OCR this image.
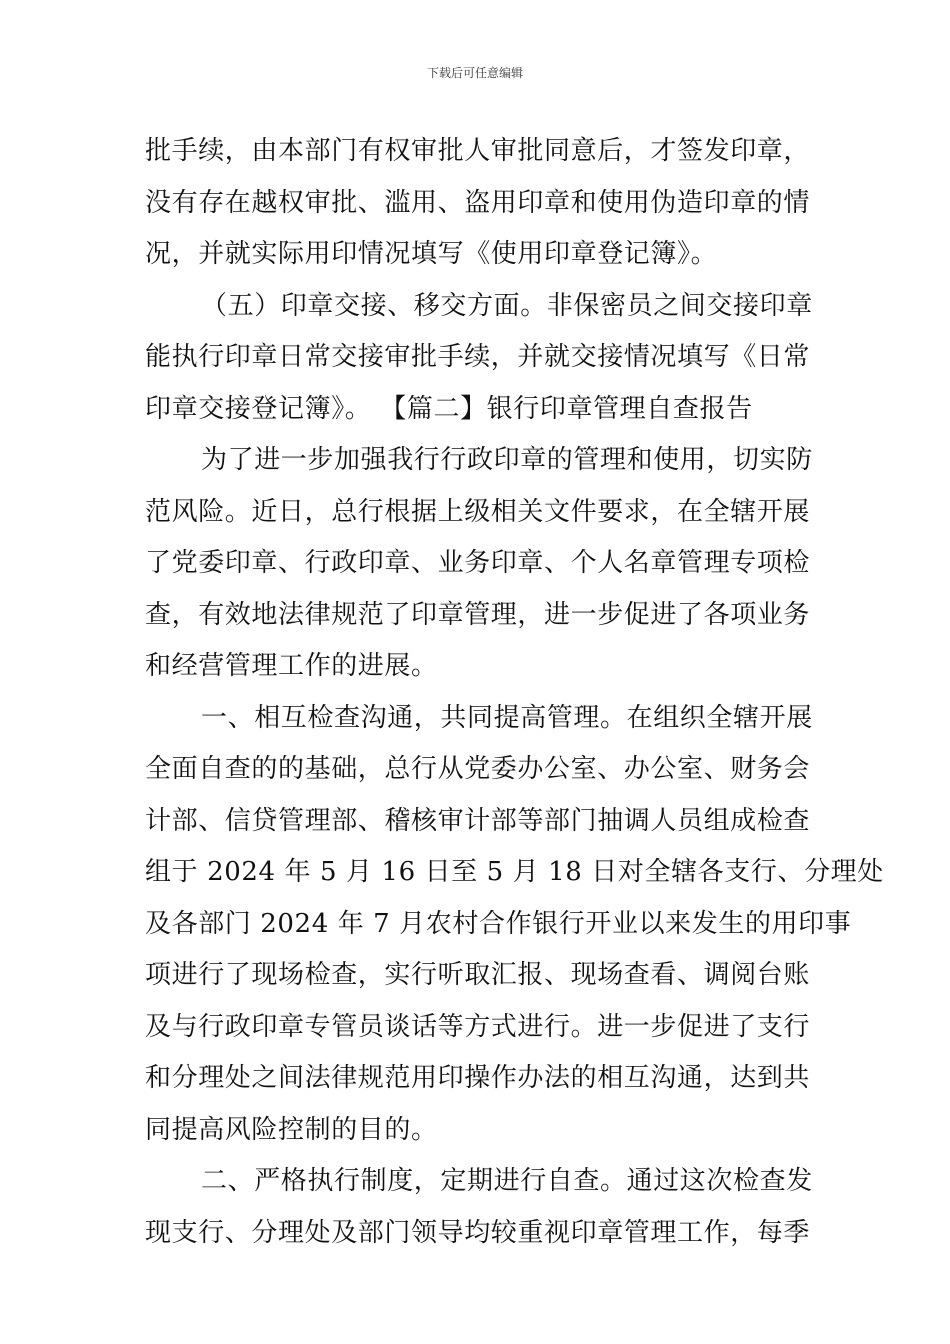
下载后可任意编辑
批手续，由本部门有权审批人审批同意后，才签发印章，
没有存在越权审批、滥用、盗用印章和使用伪造印章的情
况，并就实际用印情况填写《使用印章登记簿》。
（五）印章交接、移交方面。非保密员之间交接印章
能执行印章日常交接审批手续，并就交接情况填写《日常
印章交接登记簿》。 【篇二】银行印章管理自查报告
为了进一步加强我行行政印章的管理和使用，切实防
范风险。近日，总行根据上级相关文件要求，在全辖开展
了党委印章、行政印章、业务印章、个人名章管理专项检
查，有效地法律规范了印章管理，进一步促进了各项业务
和经营管理工作的进展。
一、相互检查沟通，共同提高管理。在组织全辖开展
全面自查的的基础，总行从党委办公室、办公室、财务会
计部、信贷管理部、稽核审计部等部门抽调人员组成检查
组于 2024 年 5 月 16 日至 5 月 18 日对全辖各支行、分理处
及各部门 2024 年 7 月农村合作银行开业以来发生的用印事
项进行了现场检查，实行听取汇报、现场查看、调阅台账
及与行政印章专管员谈话等方式进行。进一步促进了支行
和分理处之间法律规范用印操作办法的相互沟通，达到共
同提高风险控制的目的。
二、严格执行制度，定期进行自查。通过这次检查发
现支行、分理处及部门领导均较重视印章管理工作，每季
